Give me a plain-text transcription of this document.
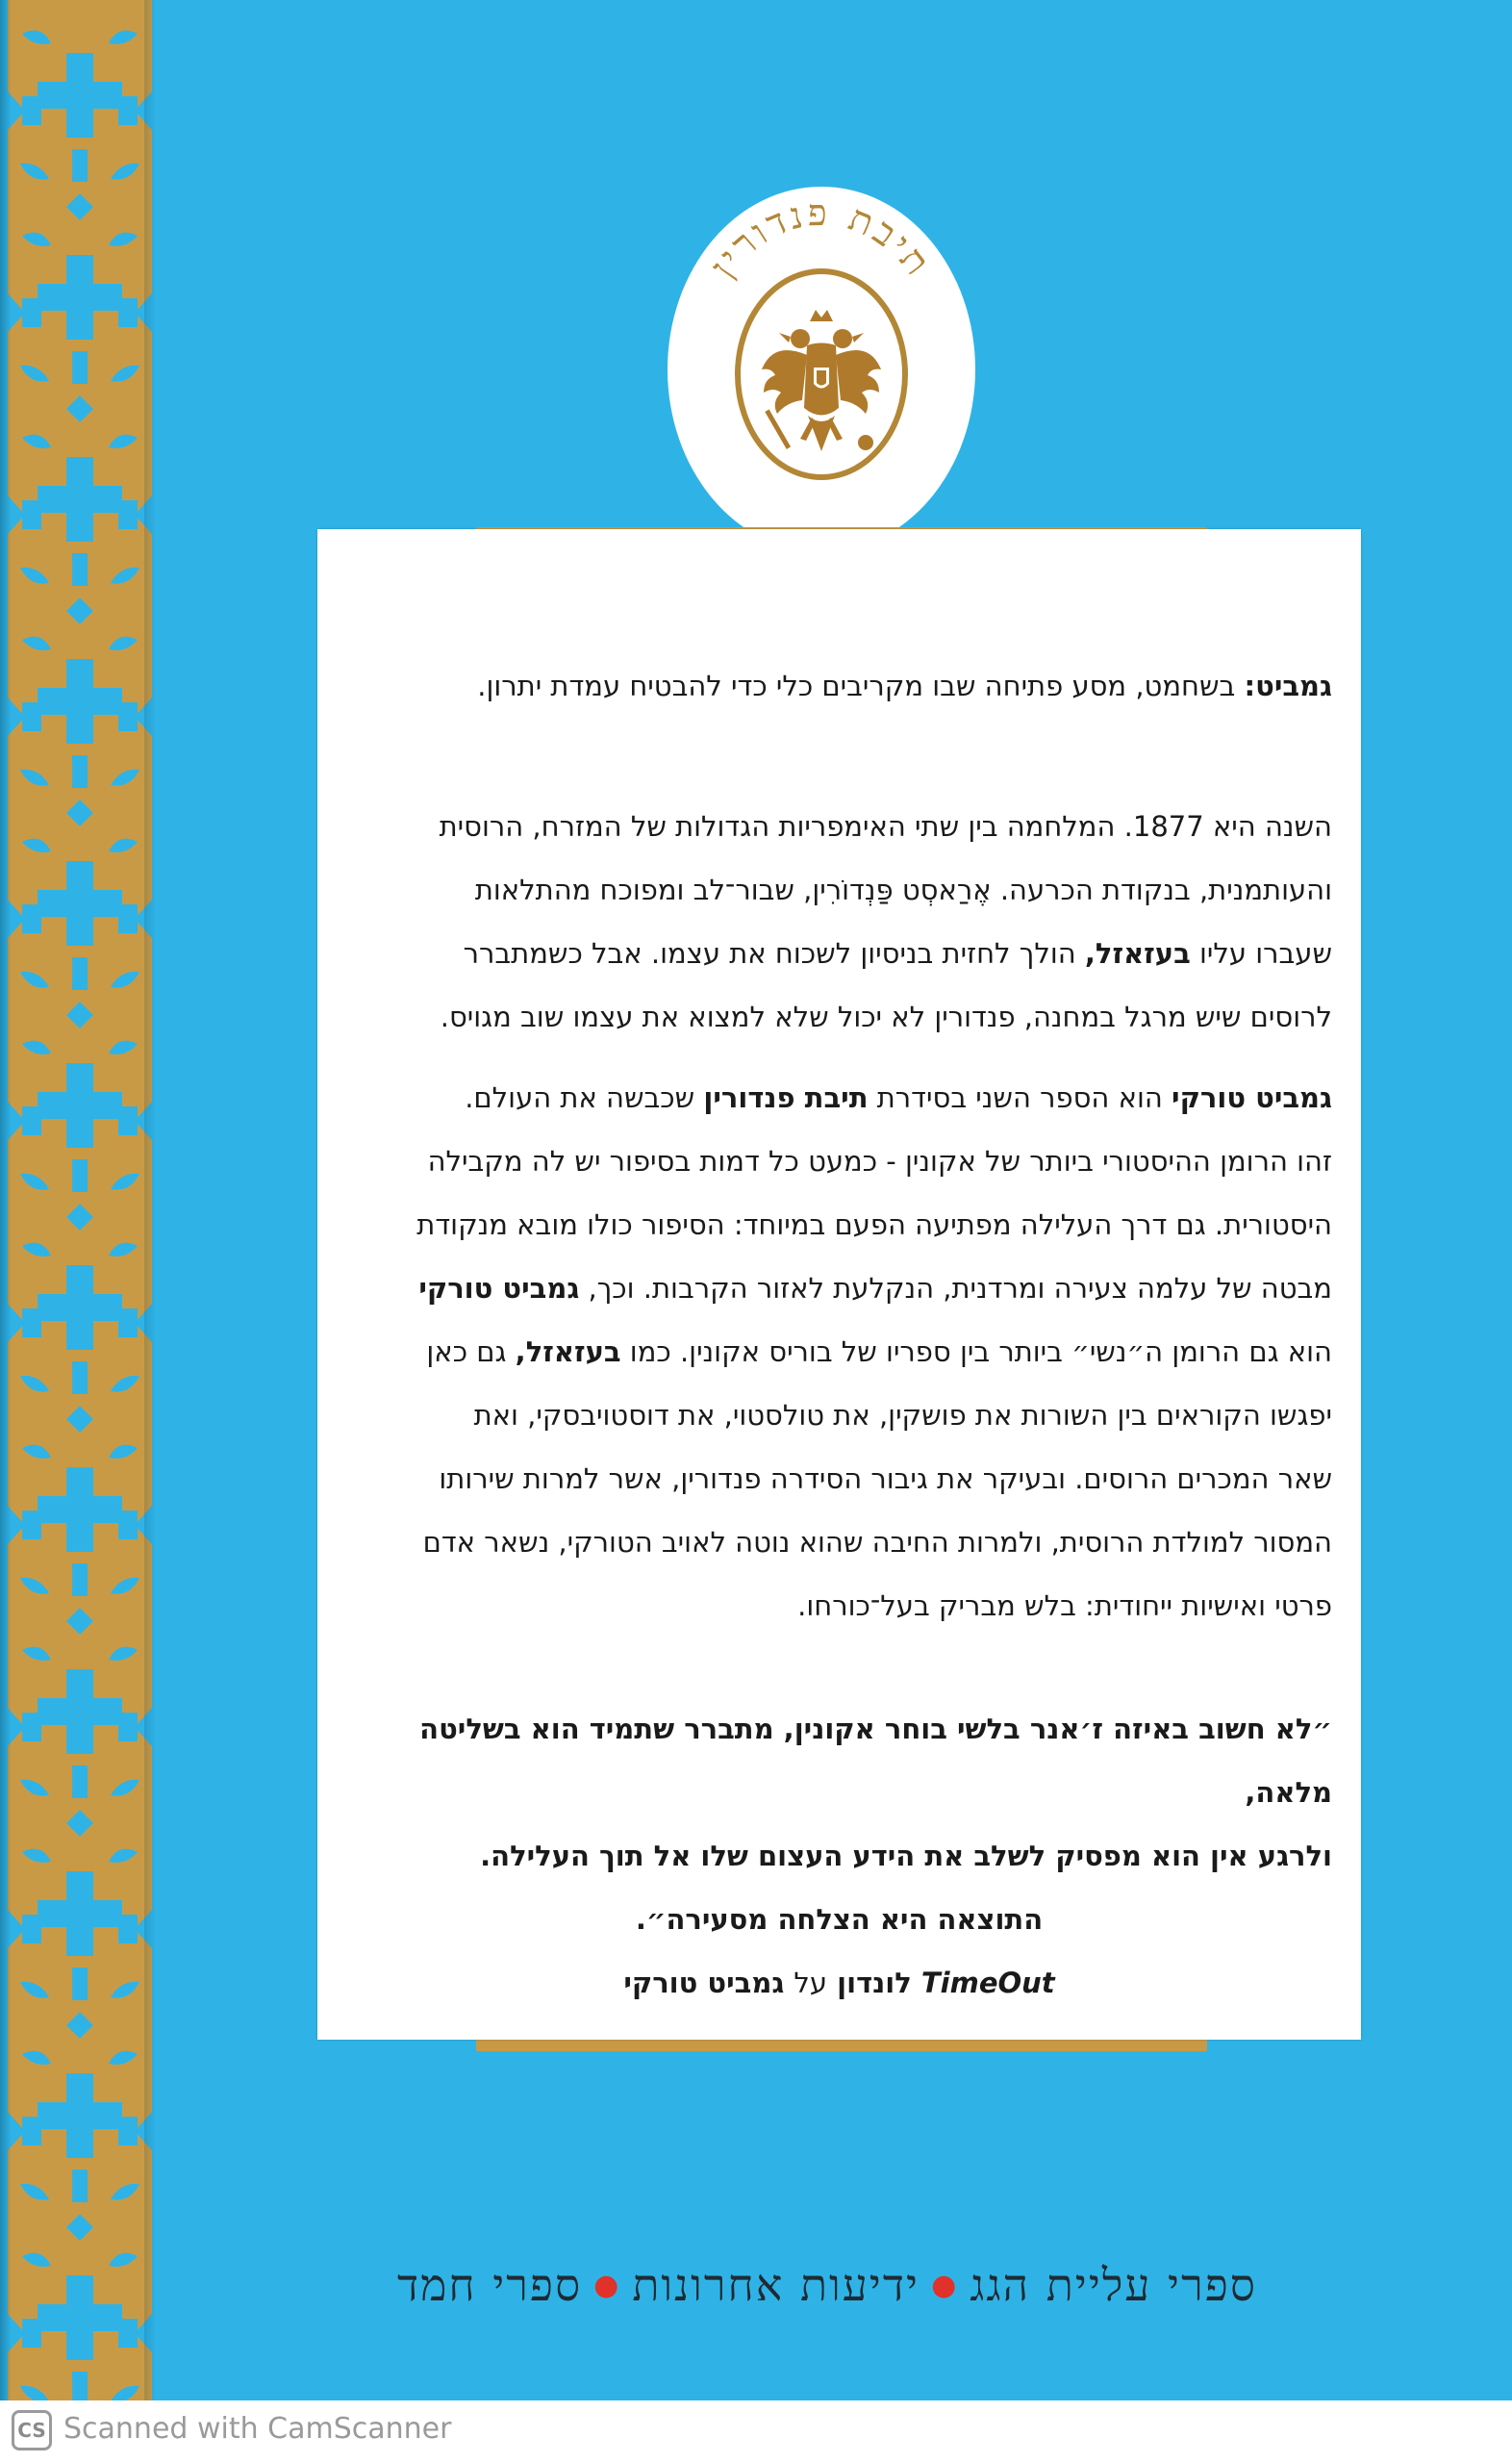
תיבת פנדורין

גמביט: בשחמט, מסע פתיחה שבו מקריבים כלי כדי להבטיח עמדת יתרון.

השנה היא 1877. המלחמה בין שתי האימפריות הגדולות של המזרח, הרוסית

והעותמנית, בנקודת הכרעה. אֶרַאסְט פַּנְדוֹרִין, שבור־לב ומפוכח מהתלאות

שעברו עליו בעזאזל, הולך לחזית בניסיון לשכוח את עצמו. אבל כשמתברר

לרוסים שיש מרגל במחנה, פנדורין לא יכול שלא למצוא את עצמו שוב מגויס.

גמביט טורקי הוא הספר השני בסידרת תיבת פנדורין שכבשה את העולם.

זהו הרומן ההיסטורי ביותר של אקונין - כמעט כל דמות בסיפור יש לה מקבילה

היסטורית. גם דרך העלילה מפתיעה הפעם במיוחד: הסיפור כולו מובא מנקודת

מבטה של עלמה צעירה ומרדנית, הנקלעת לאזור הקרבות. וכך, גמביט טורקי

הוא גם הרומן ה״נשי״ ביותר בין ספריו של בוריס אקונין. כמו בעזאזל, גם כאן

יפגשו הקוראים בין השורות את פושקין, את טולסטוי, את דוסטויבסקי, ואת

שאר המכרים הרוסים. ובעיקר את גיבור הסידרה פנדורין, אשר למרות שירותו

המסור למולדת הרוסית, ולמרות החיבה שהוא נוטה לאויב הטורקי, נשאר אדם

פרטי ואישיות ייחודית: בלש מבריק בעל־כורחו.

״לא חשוב באיזה ז׳אנר בלשי בוחר אקונין, מתברר שתמיד הוא בשליטה מלאה,

ולרגע אין הוא מפסיק לשלב את הידע העצום שלו אל תוך העלילה.

התוצאה היא הצלחה מסעירה״.

TimeOut לונדון על גמביט טורקי

ספרי עליית הגג●ידיעות אחרונות●ספרי חמד
CS Scanned with CamScanner
